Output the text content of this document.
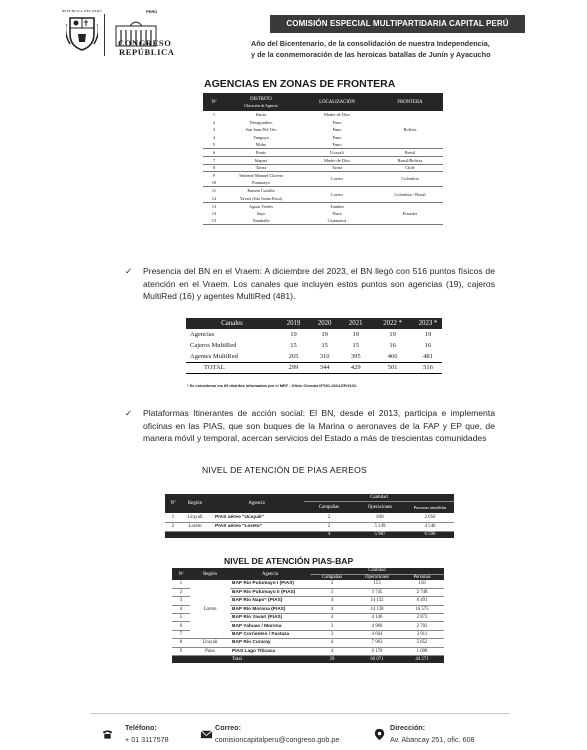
REPÚBLICA DEL PERÚ	PERÚ
CONGRESO
REPÚBLICA
COMISIÓN ESPECIAL MULTIPARTIDARIA CAPITAL PERÚ
Año del Bicentenario, de la consolidación de nuestra Independencia,
y de la conmemoración de las heroicas batallas de Junín y Ayacucho
AGENCIAS EN ZONAS DE FRONTERA
Nº	DISTRITO
Ubicación de Agencia	LOCALIZACIÓN	FRONTERA
1	Iberia	Madre de Dios	
2	Desaguadero	Puno	
3	San Juan Del Oro	Puno	Bolivia
4	Yunguyo	Puno	
5	Moho	Puno	
6	Purús	Ucayali	Brasil
7	Iñapari	Madre de Dios	Brasil/Bolivia
8	Tacna	Tacna	Chile
9	Teniente Manuel Clavero		
10	Putumayo	Loreto	Colombia
11	Ramón Castilla		
12	Yavarí (Isla Santa Rosa)	Loreto	Colombia / Brasil
13	Aguas Verdes	Tumbes	
14	Sayo	Piura	Ecuador
15	Namballe	Cajamarca	
✓ Presencia del BN en el Vraem: A diciembre del 2023, el BN llegó con 516 puntos físicos de atención en el Vraem. Los canales que incluyen estos puntos son agencias (19), cajeros MultiRed (16) y agentes MultiRed (481).
Canales	2019	2020	2021	2022 *	2023 *
Agencias	19	19	19	19	19
Cajeros MultiRed	15	15	15	16	16
Agentes MultiRed	265	310	395	466	481
TOTAL	299	344	429	501	516
* Se consideran los 69 distritos informados por el MEF - Oficio Circular Nº001-2024-EF/4102.
✓ Plataformas Itinerantes de acción social: El BN, desde el 2013, participa e implementa oficinas en las PIAS, que son buques de la Marina o aeronaves de la FAP y EP que, de manera móvil y temporal, acercan servicios del Estado a más de trescientas comunidades
NIVEL DE ATENCIÓN DE PIAS AEREOS
Nº	Región	Agencia	Cantidad		
			Campañas	Operaciones	Personas atendidas
1	Ucayali	PIAS aéreo "Ucayali"	2	838	2 050
2	Loreto	PIAS aéreo "Loreto"	2	5 149	4 546
			4	5 987	6 596
NIVEL DE ATENCIÓN PIAS-BAP
Nº	Región	Agencia	Cantidad		
			Campañas	Operaciones	Personas
1		BAP Rio Putumayo I (PIAS)	3	153	150
2		BAP Río Putumayo II (PIAS)	3	3 745	2 748
3		BAP Río Napo" (PIAS)	4	14 132	8 491
4	Loreto	BAP Río Morona (PIAS)	4	14 138	16 575
5		BAP Río Yavarí (PIAS)	4	4 146	2 873
6		BAP Yahuas / Morona	3	4 960	2 703
7		BAP Corrientes / Pastaza	3	4 664	3 911
8	Ucayali	BAP Río Curaray	4	7 963	5 852
9	Puno	PIAS Lago Titicaca	4	6 170	1 008
		Total	29	60 071	44 271
Teléfono:
+ 01 3117578
Correo:
comisioncapitalperu@congreso.gob.pe
Dirección:
Av. Abancay 251, ofic. 608
